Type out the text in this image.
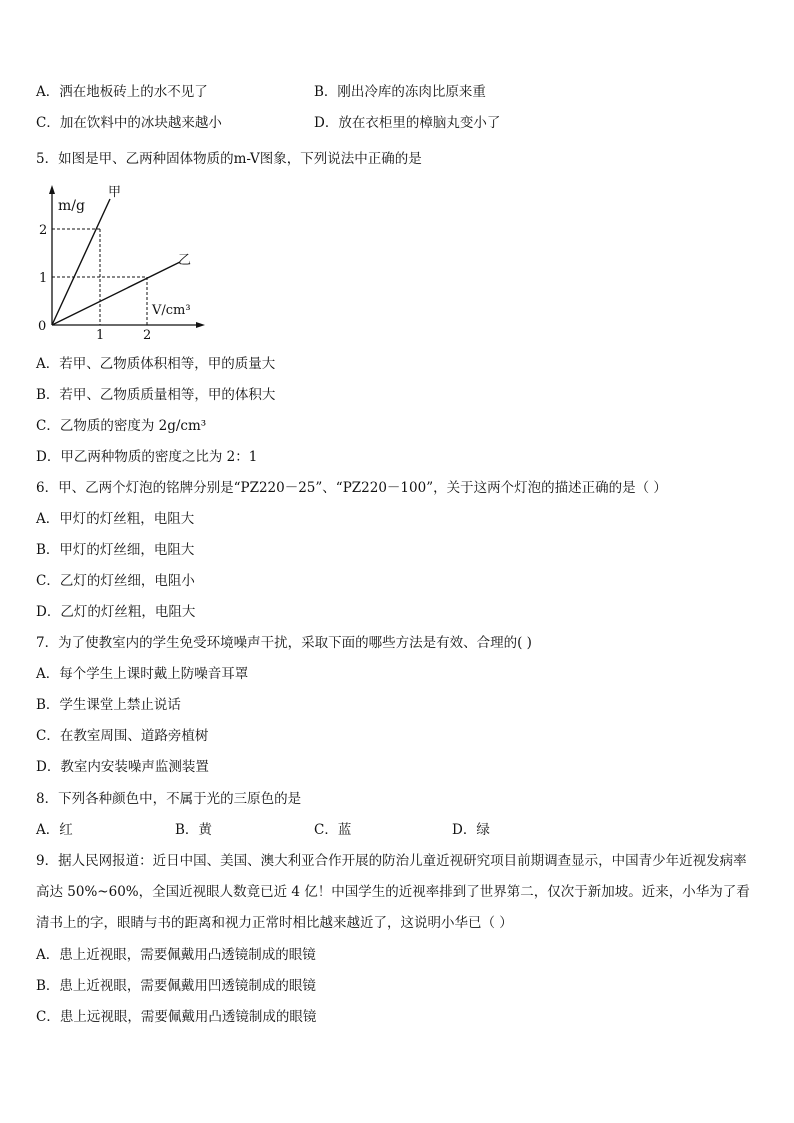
A．洒在地板砖上的水不见了	B．刚出冷库的冻肉比原来重
C．加在饮料中的冰块越来越小	D．放在衣柜里的樟脑丸变小了
5．如图是甲、乙两种固体物质的m-V图象，下列说法中正确的是
m/g
V/cm³
0
1	2
2
1
甲
乙
A．若甲、乙物质体积相等，甲的质量大
B．若甲、乙物质质量相等，甲的体积大
C．乙物质的密度为 2g/cm³
D．甲乙两种物质的密度之比为 2：1
6．甲、乙两个灯泡的铭牌分别是“PZ220－25”、“PZ220－100”，关于这两个灯泡的描述正确的是（ ）
A．甲灯的灯丝粗，电阻大
B．甲灯的灯丝细，电阻大
C．乙灯的灯丝细，电阻小
D．乙灯的灯丝粗，电阻大
7．为了使教室内的学生免受环境噪声干扰，采取下面的哪些方法是有效、合理的( )
A．每个学生上课时戴上防噪音耳罩
B．学生课堂上禁止说话
C．在教室周围、道路旁植树
D．教室内安装噪声监测装置
8．下列各种颜色中，不属于光的三原色的是
A．红	B．黄	C．蓝	D．绿
9．据人民网报道：近日中国、美国、澳大利亚合作开展的防治儿童近视研究项目前期调查显示，中国青少年近视发病率高达 50%~60%，全国近视眼人数竟已近 4 亿！中国学生的近视率排到了世界第二，仅次于新加坡。近来，小华为了看清书上的字，眼睛与书的距离和视力正常时相比越来越近了，这说明小华已（ ）
A．患上近视眼，需要佩戴用凸透镜制成的眼镜
B．患上近视眼，需要佩戴用凹透镜制成的眼镜
C．患上远视眼，需要佩戴用凸透镜制成的眼镜
